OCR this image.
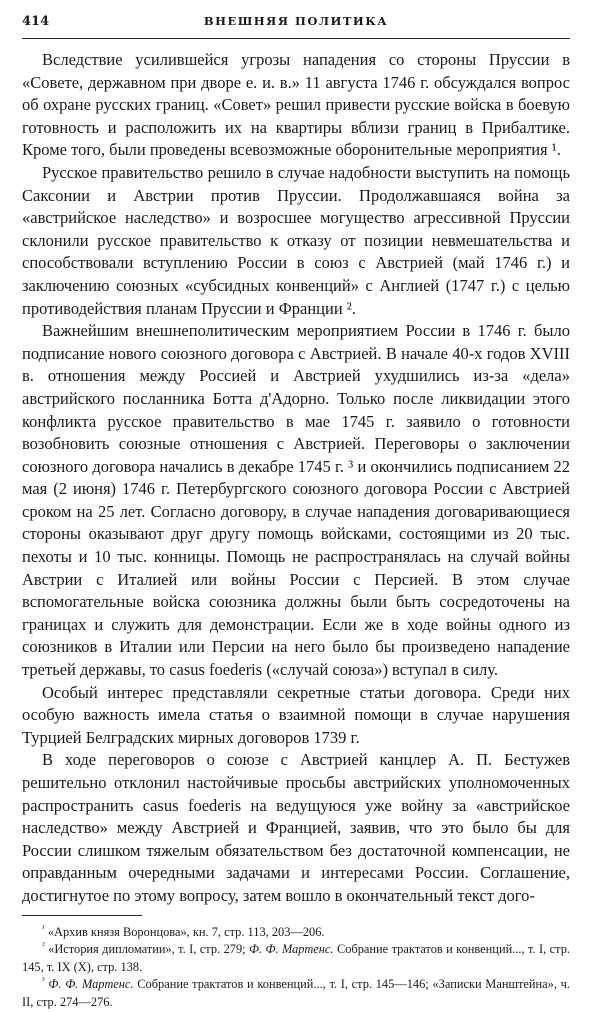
414	ВНЕШНЯЯ ПОЛИТИКА

Вследствие усилившейся угрозы нападения со стороны Пруссии в «Совете, державном при дворе е. и. в.» 11 августа 1746 г. обсуждался вопрос об охране русских границ. «Совет» решил привести русские войска в боевую готовность и расположить их на квартиры вблизи границ в Прибалтике. Кроме того, были проведены всевозможные оборонительные мероприятия ¹.

Русское правительство решило в случае надобности выступить на помощь Саксонии и Австрии против Пруссии. Продолжавшаяся война за «австрийское наследство» и возросшее могущество агрессивной Пруссии склонили русское правительство к отказу от позиции невмешательства и способствовали вступлению России в союз с Австрией (май 1746 г.) и заключению союзных «субсидных конвенций» с Англией (1747 г.) с целью противодействия планам Пруссии и Франции ².

Важнейшим внешнеполитическим мероприятием России в 1746 г. было подписание нового союзного договора с Австрией. В начале 40-х годов XVIII в. отношения между Россией и Австрией ухудшились из-за «дела» австрийского посланника Ботта д'Адорно. Только после ликвидации этого конфликта русское правительство в мае 1745 г. заявило о готовности возобновить союзные отношения с Австрией. Переговоры о заключении союзного договора начались в декабре 1745 г. ³ и окончились подписанием 22 мая (2 июня) 1746 г. Петербургского союзного договора России с Австрией сроком на 25 лет. Согласно договору, в случае нападения договаривающиеся стороны оказывают друг другу помощь войсками, состоящими из 20 тыс. пехоты и 10 тыс. конницы. Помощь не распространялась на случай войны Австрии с Италией или войны России с Персией. В этом случае вспомогательные войска союзника должны были быть сосредоточены на границах и служить для демонстрации. Если же в ходе войны одного из союзников в Италии или Персии на него было бы произведено нападение третьей державы, то casus foederis («случай союза») вступал в силу.

Особый интерес представляли секретные статьи договора. Среди них особую важность имела статья о взаимной помощи в случае нарушения Турцией Белградских мирных договоров 1739 г.

В ходе переговоров о союзе с Австрией канцлер А. П. Бестужев решительно отклонил настойчивые просьбы австрийских уполномоченных распространить casus foederis на ведущуюся уже войну за «австрийское наследство» между Австрией и Францией, заявив, что это было бы для России слишком тяжелым обязательством без достаточной компенсации, не оправданным очередными задачами и интересами России. Соглашение, достигнутое по этому вопросу, затем вошло в окончательный текст дого-

$^{^1}$ «Архив князя Воронцова», кн. 7, стр. 113, 203—206.

$^{^2}$ «История дипломатии», т. I, стр. 279; Ф. Ф. Мартенс. Собрание трактатов и конвенций..., т. I, стр. 145, т. IX (X), стр. 138.

$^{^3}$ Ф. Ф. Мартенс. Собрание трактатов и конвенций..., т. I, стр. 145—146; «Записки Манштейна», ч. II, стр. 274—276.
